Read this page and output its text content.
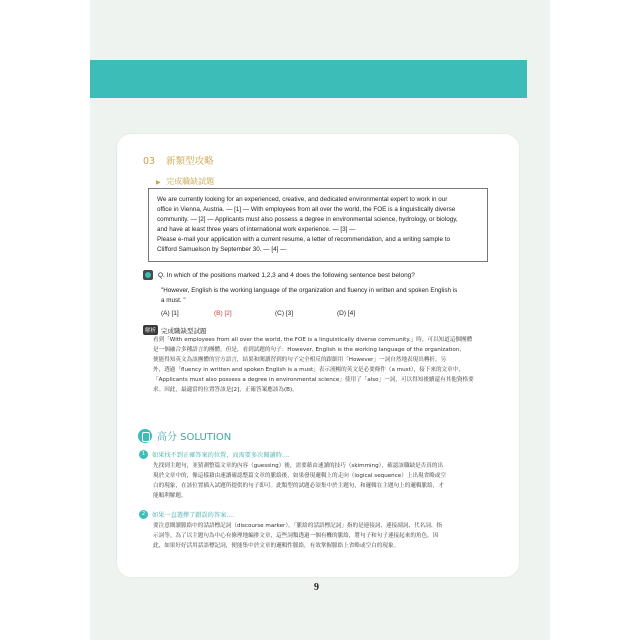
03 新類型攻略
▶ 完成職缺試題
We are currently looking for an experienced, creative, and dedicated environmental expert to work in our
office in Vienna, Austria. — [1] — With employees from all over the world, the FOE is a linguistically diverse
community. — [2] — Applicants must also possess a degree in environmental science, hydrology, or biology,
and have at least three years of international work experience. — [3] —
Please e-mail your application with a current resume, a letter of recommendation, and a writing sample to
Clifford Samuelson by September 30. — [4] —
Q. In which of the positions marked 1,2,3 and 4 does the following sentence best belong?
"However, English is the working language of the organization and fluency in written and spoken English is
a must. "
(A) [1]	(B) [2]	(C) [3]	(D) [4]
解析 完成職缺型試題
看到「With employees from all over the world, the FOE is a linguistically diverse community.」時，可以知道這個團體
是一個融合多種語言的團體，但是，看到試題的句子：However, English is the working language of the organization,
便能得知英文為該團體的官方語言，結果和閱讀習到的句子完全相反的跟細用「However」一詞自然地表現出轉折。另
外，透過「fluency in written and spoken English is a must」表示流暢的英文是必要條件（a must），接下來的文章中，
「Applicants must also possess a degree in environmental science」使用了「also」一詞，可以得知後續還有其他資格要
求。因此，最適當的位置答該是[2]，正確答案應該為(B)。
高分 SOLUTION
1	如果找不到正確答案的位置，而需要多次閱讀時....
先找到主題句，並猜測整篇文章的內容（guessing）後，需要藉由速讀的技巧（skimming），確認該職缺是否真的出
現於文章中的，像這樣藉由速讀確認整篇文章的脈絡後，如果發現邏輯上的走向（logical sequence）上出現省略或空
白的現象，在該位置插入試題所提供的句子即可。此類型的試題必須集中於主題句，和邏輯在主題句上的邏輯脈絡，才
能順利解題。
2	如果一直選擇了錯誤的答案....
要注意閱讀脈絡中的話語標記詞（discourse marker）。「脈絡的話語標記詞」指的是連接詞、連接副詞、代名詞、指
示詞等。為了以主題句為中心有條理地編排文章，這些詞類透過一個有機的脈絡，將句子和句子連接起來的角色。因
此，如果好好活用話語標記詞，便能集中於文章的邏輯性脈絡，有效掌握脈絡上省略或空白的現象。
9
